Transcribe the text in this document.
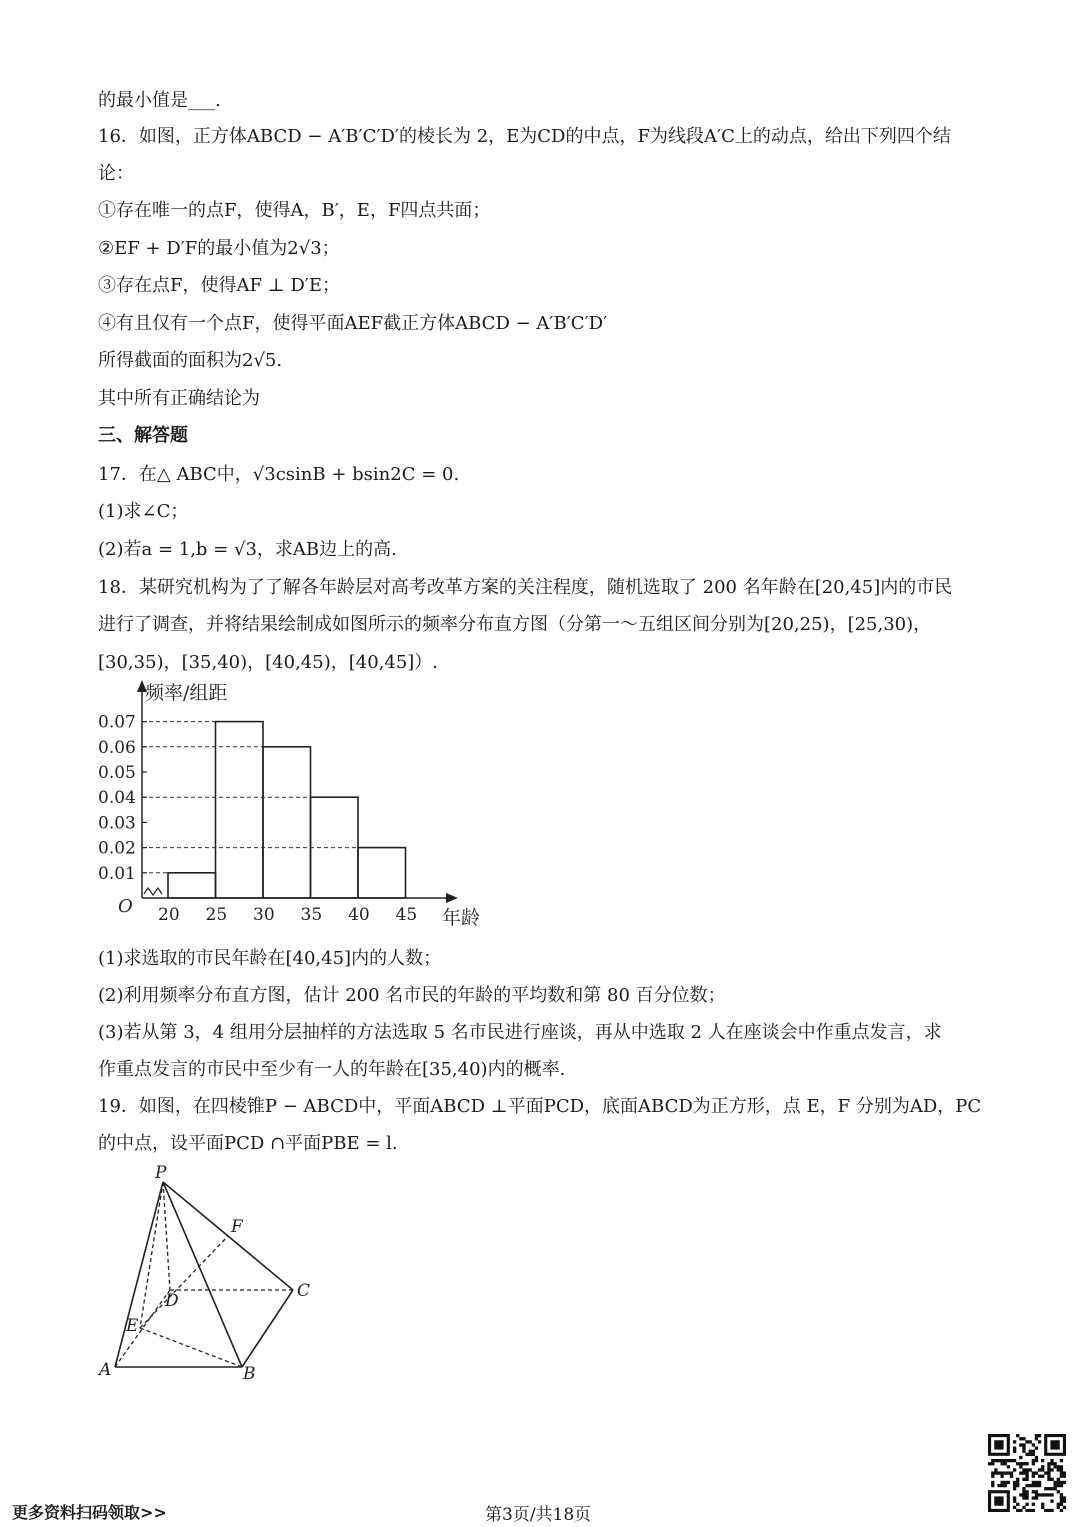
的最小值是___.
16．如图，正方体ABCD − A′B′C′D′的棱长为 2，E为CD的中点，F为线段A′C上的动点，给出下列四个结
论：
①存在唯一的点F，使得A，B′，E，F四点共面；
②EF + D′F的最小值为2√3；
③存在点F，使得AF ⊥ D′E；
④有且仅有一个点F，使得平面AEF截正方体ABCD − A′B′C′D′
所得截面的面积为2√5.
其中所有正确结论为
三、解答题
17．在△ ABC中，√3csinB + bsin2C = 0.
(1)求∠C；
(2)若a = 1,b = √3，求AB边上的高.
18．某研究机构为了了解各年龄层对高考改革方案的关注程度，随机选取了 200 名年龄在[20,45]内的市民
进行了调查，并将结果绘制成如图所示的频率分布直方图（分第一～五组区间分别为[20,25)，[25,30)，
[30,35)，[35,40)，[40,45)，[40,45]）.
频率/组距
年龄
O
0.01
0.02
0.03
0.04
0.05
0.06
0.07
20 25 30 35 40 45
(1)求选取的市民年龄在[40,45]内的人数；
(2)利用频率分布直方图，估计 200 名市民的年龄的平均数和第 80 百分位数；
(3)若从第 3，4 组用分层抽样的方法选取 5 名市民进行座谈，再从中选取 2 人在座谈会中作重点发言，求
作重点发言的市民中至少有一人的年龄在[35,40)内的概率.
19．如图，在四棱锥P − ABCD中，平面ABCD ⊥平面PCD，底面ABCD为正方形，点 E，F 分别为AD，PC
的中点，设平面PCD ∩平面PBE = l.
P
F
C
D
E
A	B
更多资料扫码领取>>	第3页/共18页
